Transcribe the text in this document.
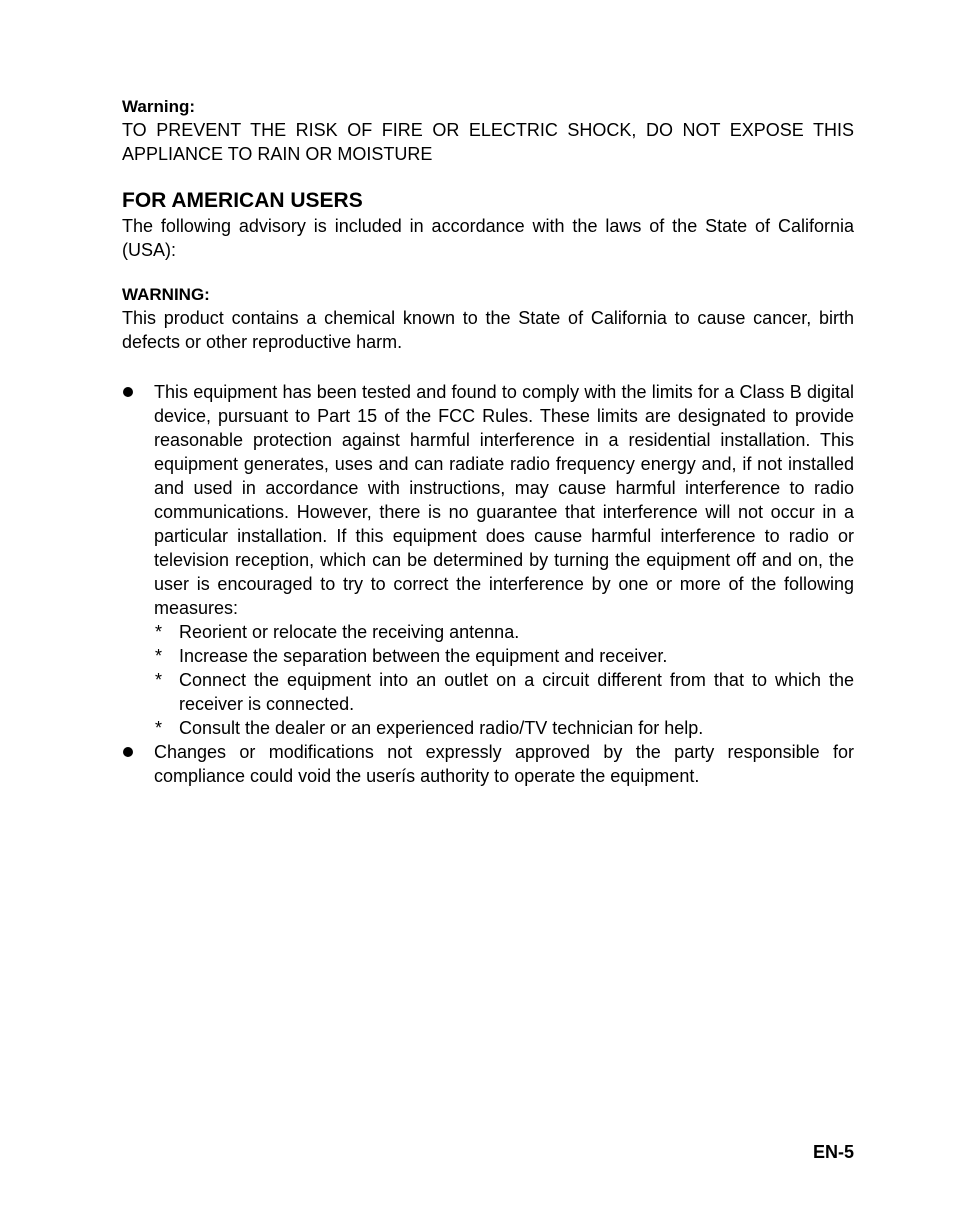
Warning:

TO PREVENT THE RISK OF FIRE OR ELECTRIC SHOCK, DO NOT EXPOSE THIS APPLIANCE TO RAIN OR MOISTURE

FOR AMERICAN USERS

The following advisory is included in accordance with the laws of the State of California (USA):

WARNING:

This product contains a chemical known to the State of California to cause cancer, birth defects or other reproductive harm.

This equipment has been tested and found to comply with the limits for a Class B digital device, pursuant to Part 15 of the FCC Rules. These limits are designated to provide reasonable protection against harmful interference in a residential installation. This equipment generates, uses and can radiate radio frequency energy and, if not installed and used in accordance with instructions, may cause harmful interference to radio communications. However, there is no guarantee that interference will not occur in a particular installation. If this equipment does cause harmful interference to radio or television reception, which can be determined by turning the equipment off and on, the user is encouraged to try to correct the interference by one or more of the following measures:

* Reorient or relocate the receiving antenna.

* Increase the separation between the equipment and receiver.

* Connect the equipment into an outlet on a circuit different from that to which the receiver is connected.

* Consult the dealer or an experienced radio/TV technician for help.

Changes or modifications not expressly approved by the party responsible for compliance could void the userís authority to operate the equipment.

EN-5
